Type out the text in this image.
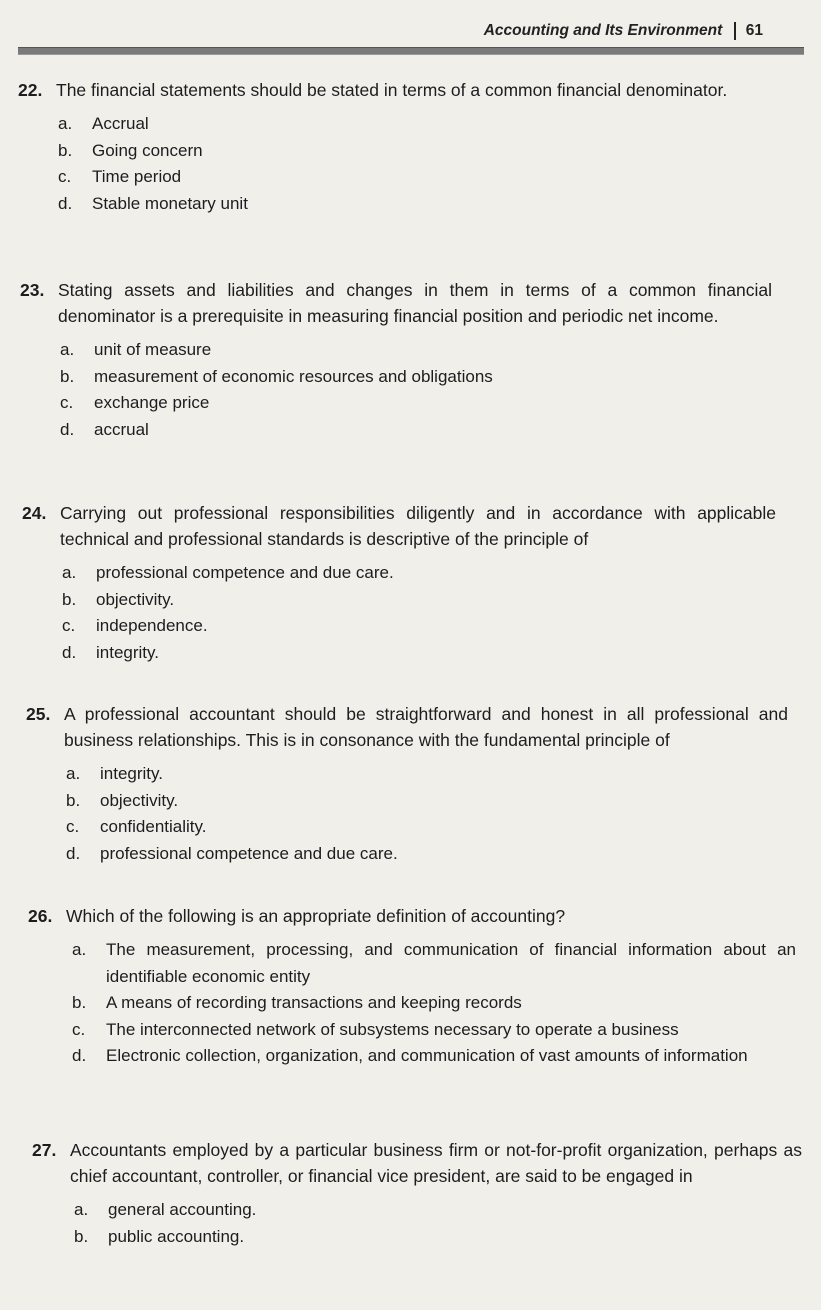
Accounting and Its Environment 61
22. The financial statements should be stated in terms of a common financial denominator.
a. Accrual
b. Going concern
c. Time period
d. Stable monetary unit
23. Stating assets and liabilities and changes in them in terms of a common financial denominator is a prerequisite in measuring financial position and periodic net income.
a. unit of measure
b. measurement of economic resources and obligations
c. exchange price
d. accrual
24. Carrying out professional responsibilities diligently and in accordance with applicable technical and professional standards is descriptive of the principle of
a. professional competence and due care.
b. objectivity.
c. independence.
d. integrity.
25. A professional accountant should be straightforward and honest in all professional and business relationships. This is in consonance with the fundamental principle of
a. integrity.
b. objectivity.
c. confidentiality.
d. professional competence and due care.
26. Which of the following is an appropriate definition of accounting?
a. The measurement, processing, and communication of financial information about an identifiable economic entity
b. A means of recording transactions and keeping records
c. The interconnected network of subsystems necessary to operate a business
d. Electronic collection, organization, and communication of vast amounts of information
27. Accountants employed by a particular business firm or not-for-profit organization, perhaps as chief accountant, controller, or financial vice president, are said to be engaged in
a. general accounting.
b. public accounting.
